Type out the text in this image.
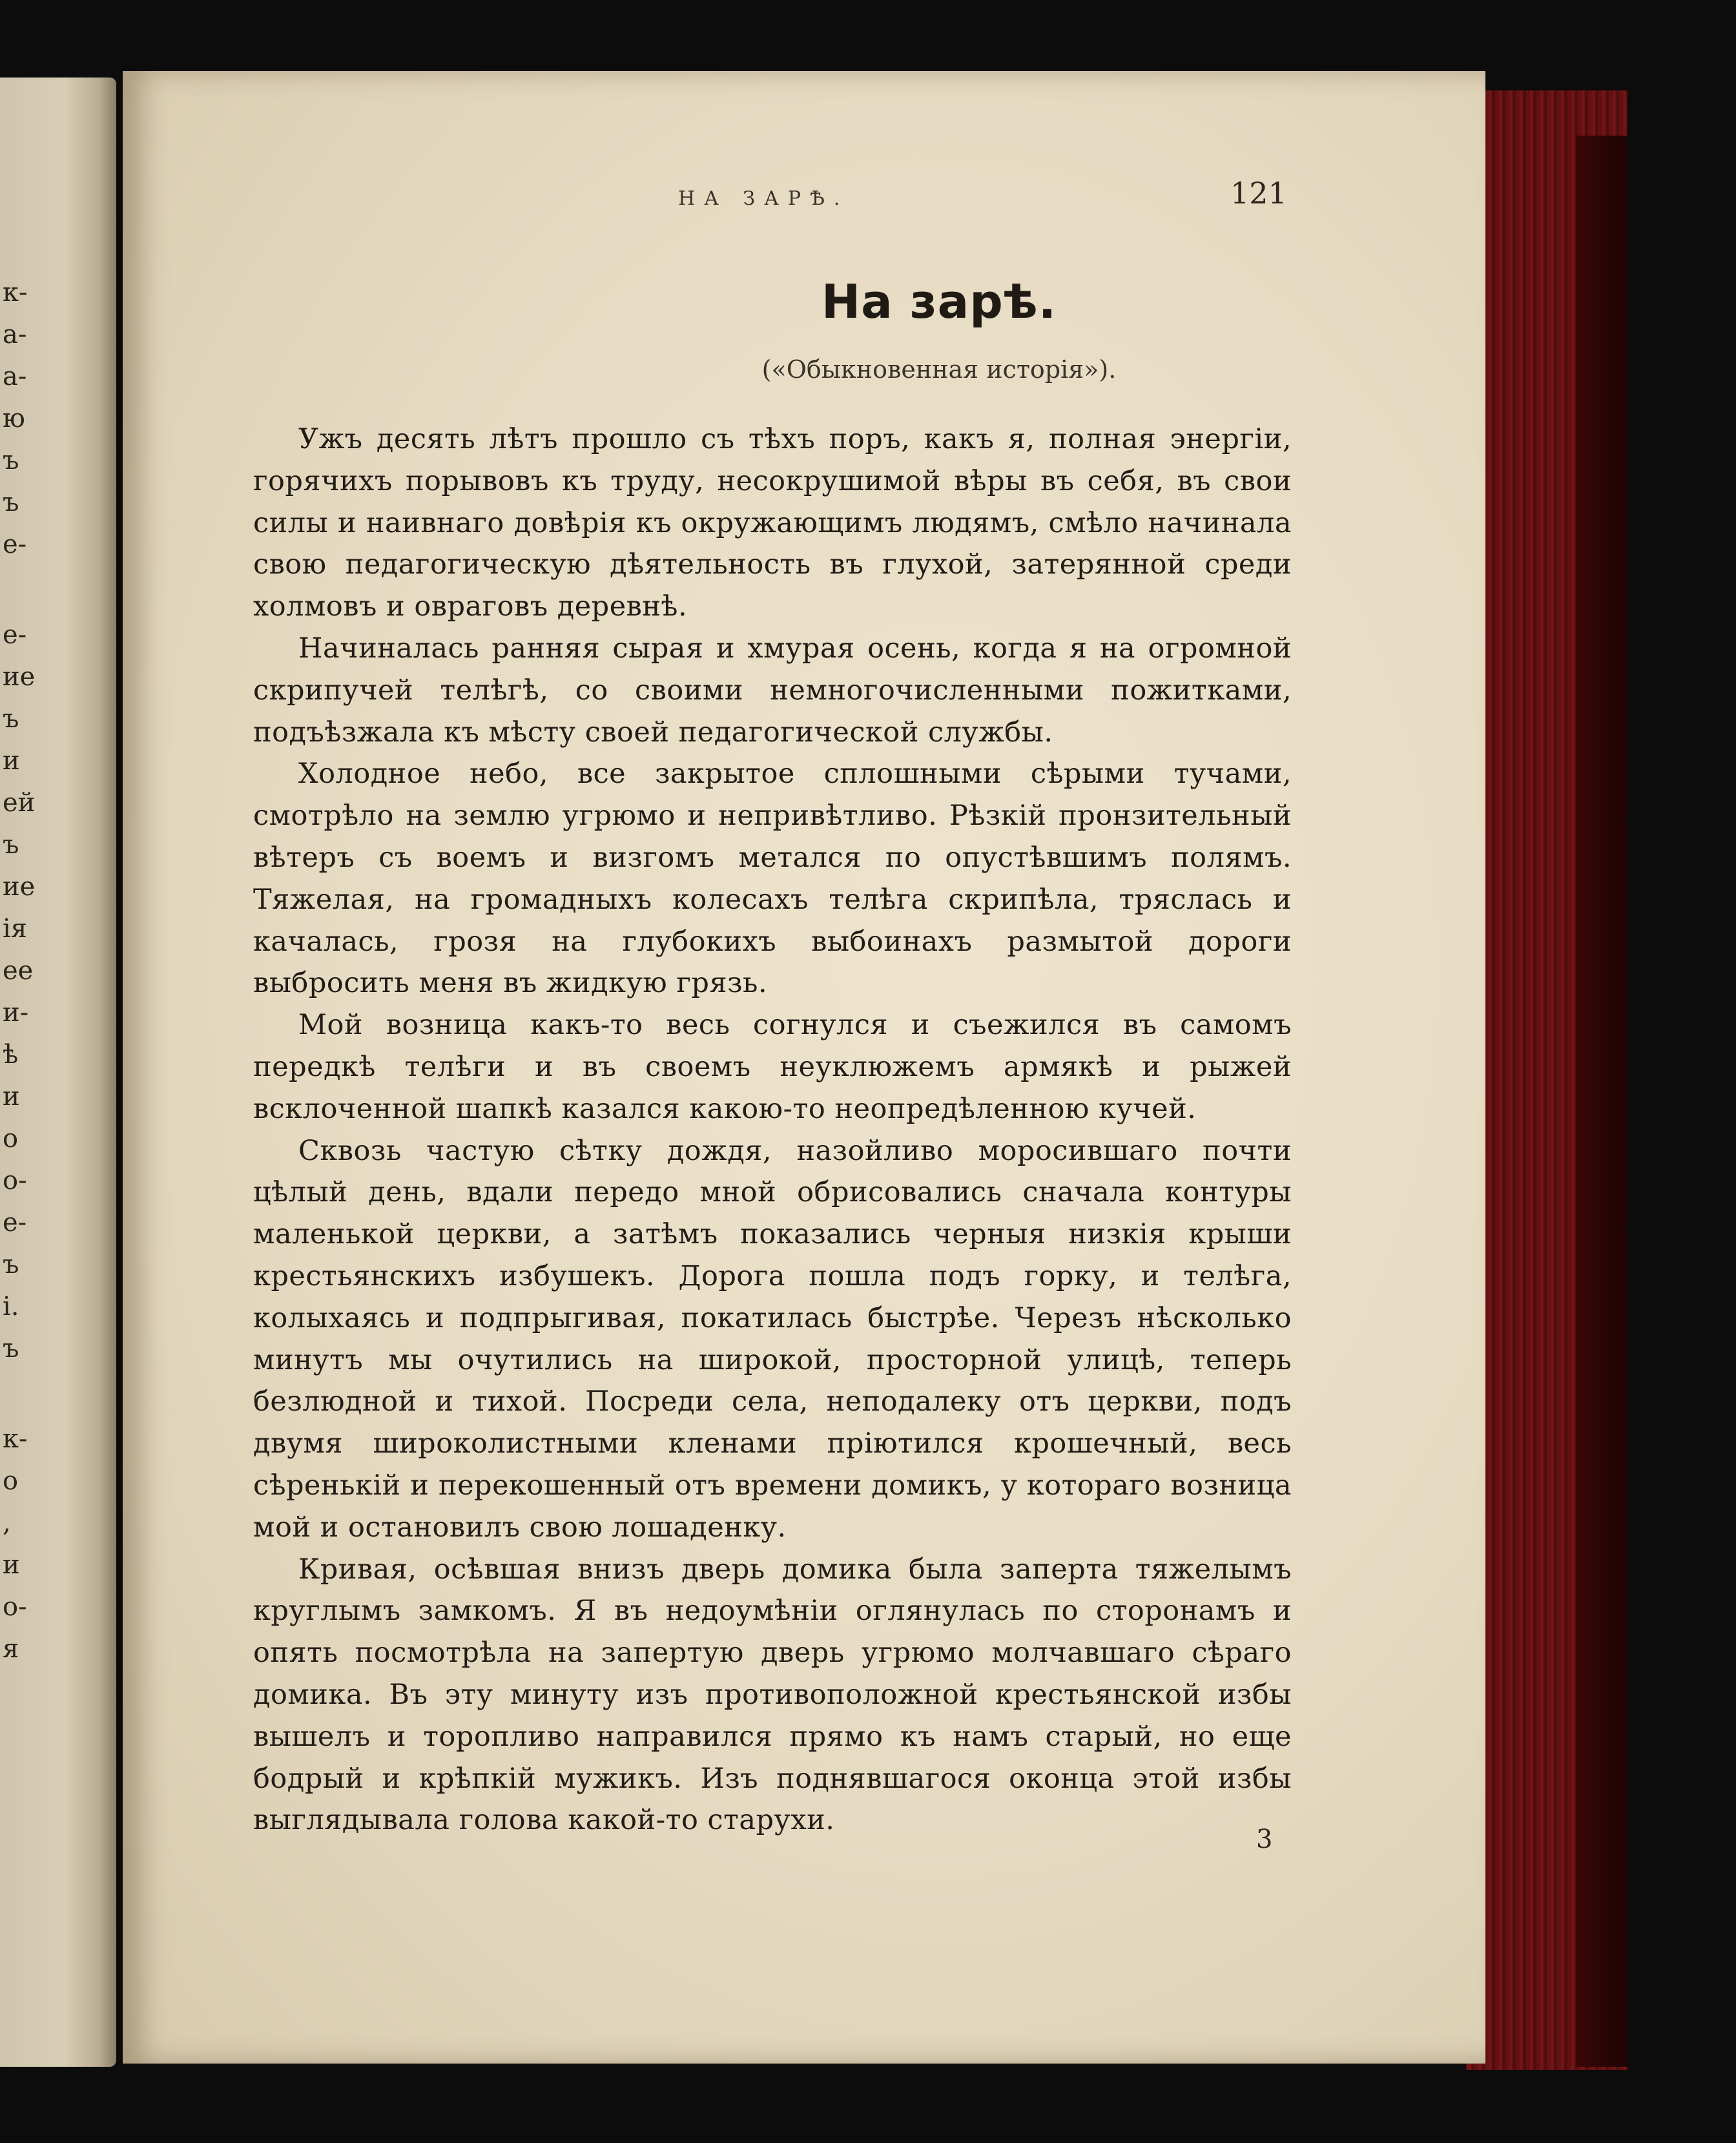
к-
а-
а-
ю
ъ
ъ
е-
е-
ие
ъ
и
ей
ъ
ие
ія
ее
и-
ѣ
и
о
о-
е-
ъ
і.
ъ
к-
о
,
и
о-
я
НА ЗАРѢ.	121
На зарѣ.
(«Обыкновенная исторія»).

Ужъ десять лѣтъ прошло съ тѣхъ поръ, какъ я, полная энергіи, горячихъ порывовъ къ труду, несокрушимой вѣры въ себя, въ свои силы и наивнаго довѣрія къ окружающимъ людямъ, смѣло начинала свою педагогическую дѣятельность въ глухой, затерянной среди холмовъ и овраговъ деревнѣ.

Начиналась ранняя сырая и хмурая осень, когда я на огромной скрипучей телѣгѣ, со своими немногочисленными пожитками, подъѣзжала къ мѣсту своей педагогической службы.

Холодное небо, все закрытое сплошными сѣрыми тучами, смотрѣло на землю угрюмо и непривѣтливо. Рѣзкій пронзительный вѣтеръ съ воемъ и визгомъ метался по опустѣвшимъ полямъ. Тяжелая, на громадныхъ колесахъ телѣга скрипѣла, тряслась и качалась, грозя на глубокихъ выбоинахъ размытой дороги выбросить меня въ жидкую грязь.

Мой возница какъ-то весь согнулся и съежился въ самомъ передкѣ телѣги и въ своемъ неуклюжемъ армякѣ и рыжей всклоченной шапкѣ казался какою-то неопредѣленною кучей.

Сквозь частую сѣтку дождя, назойливо моросившаго почти цѣлый день, вдали передо мной обрисовались сначала контуры маленькой церкви, а затѣмъ показались черныя низкія крыши крестьянскихъ избушекъ. Дорога пошла подъ горку, и телѣга, колыхаясь и подпрыгивая, покатилась быстрѣе. Черезъ нѣсколько минутъ мы очутились на широкой, просторной улицѣ, теперь безлюдной и тихой. Посреди села, неподалеку отъ церкви, подъ двумя широколистными кленами пріютился крошечный, весь сѣренькій и перекошенный отъ времени домикъ, у котораго возница мой и остановилъ свою лошаденку.

Кривая, осѣвшая внизъ дверь домика была заперта тяжелымъ круглымъ замкомъ. Я въ недоумѣніи оглянулась по сторонамъ и опять посмотрѣла на запертую дверь угрюмо молчавшаго сѣраго домика. Въ эту минуту изъ противоположной крестьянской избы вышелъ и торопливо направился прямо къ намъ старый, но еще бодрый и крѣпкій мужикъ. Изъ поднявшагося оконца этой избы выглядывала голова какой-то старухи.

3
